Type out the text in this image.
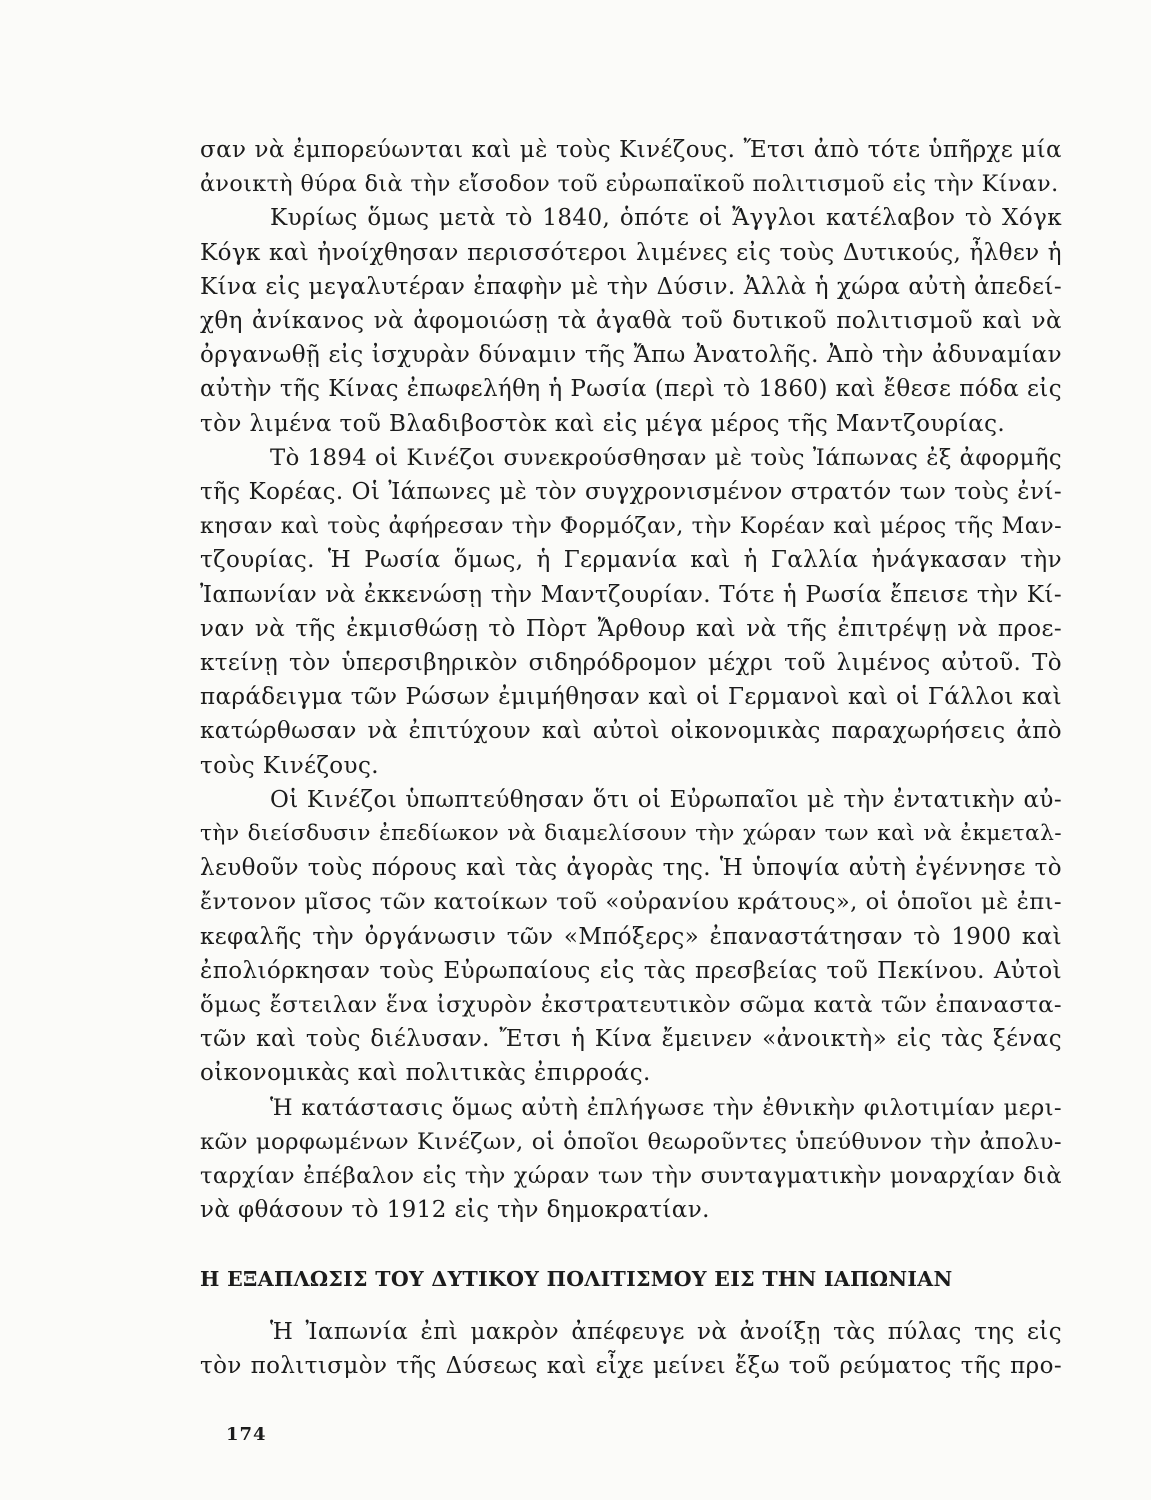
σαν νὰ ἐμπορεύωνται καὶ μὲ τοὺς Κινέζους. Ἔτσι ἀπὸ τότε ὑπῆρχε μία
ἀνοικτὴ θύρα διὰ τὴν εἴσοδον τοῦ εὐρωπαϊκοῦ πολιτισμοῦ εἰς τὴν Κίναν.

Κυρίως ὅμως μετὰ τὸ 1840, ὁπότε οἱ Ἄγγλοι κατέλαβον τὸ Χόγκ
Κόγκ καὶ ἠνοίχθησαν περισσότεροι λιμένες εἰς τοὺς Δυτικούς, ἦλθεν ἡ
Κίνα εἰς μεγαλυτέραν ἐπαφὴν μὲ τὴν Δύσιν. Ἀλλὰ ἡ χώρα αὐτὴ ἀπεδεί-
χθη ἀνίκανος νὰ ἀφομοιώσῃ τὰ ἀγαθὰ τοῦ δυτικοῦ πολιτισμοῦ καὶ νὰ
ὀργανωθῇ εἰς ἰσχυρὰν δύναμιν τῆς Ἄπω Ἀνατολῆς. Ἀπὸ τὴν ἀδυναμίαν
αὐτὴν τῆς Κίνας ἐπωφελήθη ἡ Ρωσία (περὶ τὸ 1860) καὶ ἔθεσε πόδα εἰς
τὸν λιμένα τοῦ Βλαδιβοστὸκ καὶ εἰς μέγα μέρος τῆς Μαντζουρίας.

Τὸ 1894 οἱ Κινέζοι συνεκρούσθησαν μὲ τοὺς Ἰάπωνας ἐξ ἀφορμῆς
τῆς Κορέας. Οἱ Ἰάπωνες μὲ τὸν συγχρονισμένον στρατόν των τοὺς ἐνί-
κησαν καὶ τοὺς ἀφήρεσαν τὴν Φορμόζαν, τὴν Κορέαν καὶ μέρος τῆς Μαν-
τζουρίας. Ἡ Ρωσία ὅμως, ἡ Γερμανία καὶ ἡ Γαλλία ἠνάγκασαν τὴν
Ἰαπωνίαν νὰ ἐκκενώσῃ τὴν Μαντζουρίαν. Τότε ἡ Ρωσία ἔπεισε τὴν Κί-
ναν νὰ τῆς ἐκμισθώσῃ τὸ Πὸρτ Ἄρθουρ καὶ νὰ τῆς ἐπιτρέψῃ νὰ προε-
κτείνῃ τὸν ὑπερσιβηρικὸν σιδηρόδρομον μέχρι τοῦ λιμένος αὐτοῦ. Τὸ
παράδειγμα τῶν Ρώσων ἐμιμήθησαν καὶ οἱ Γερμανοὶ καὶ οἱ Γάλλοι καὶ
κατώρθωσαν νὰ ἐπιτύχουν καὶ αὐτοὶ οἰκονομικὰς παραχωρήσεις ἀπὸ
τοὺς Κινέζους.

Οἱ Κινέζοι ὑπωπτεύθησαν ὅτι οἱ Εὐρωπαῖοι μὲ τὴν ἐντατικὴν αὐ-
τὴν διείσδυσιν ἐπεδίωκον νὰ διαμελίσουν τὴν χώραν των καὶ νὰ ἐκμεταλ-
λευθοῦν τοὺς πόρους καὶ τὰς ἀγορὰς της. Ἡ ὑποψία αὐτὴ ἐγέννησε τὸ
ἔντονον μῖσος τῶν κατοίκων τοῦ «οὐρανίου κράτους», οἱ ὁποῖοι μὲ ἐπι-
κεφαλῆς τὴν ὀργάνωσιν τῶν «Μπόξερς» ἐπαναστάτησαν τὸ 1900 καὶ
ἐπολιόρκησαν τοὺς Εὐρωπαίους εἰς τὰς πρεσβείας τοῦ Πεκίνου. Αὐτοὶ
ὅμως ἔστειλαν ἕνα ἰσχυρὸν ἐκστρατευτικὸν σῶμα κατὰ τῶν ἐπαναστα-
τῶν καὶ τοὺς διέλυσαν. Ἔτσι ἡ Κίνα ἔμεινεν «ἀνοικτὴ» εἰς τὰς ξένας
οἰκονομικὰς καὶ πολιτικὰς ἐπιρροάς.

Ἡ κατάστασις ὅμως αὐτὴ ἐπλήγωσε τὴν ἐθνικὴν φιλοτιμίαν μερι-
κῶν μορφωμένων Κινέζων, οἱ ὁποῖοι θεωροῦντες ὑπεύθυνον τὴν ἀπολυ-
ταρχίαν ἐπέβαλον εἰς τὴν χώραν των τὴν συνταγματικὴν μοναρχίαν διὰ
νὰ φθάσουν τὸ 1912 εἰς τὴν δημοκρατίαν.

Η ΕΞΑΠΛΩΣΙΣ ΤΟΥ ΔΥΤΙΚΟΥ ΠΟΛΙΤΙΣΜΟΥ ΕΙΣ ΤΗΝ ΙΑΠΩΝΙΑΝ

Ἡ Ἰαπωνία ἐπὶ μακρὸν ἀπέφευγε νὰ ἀνοίξῃ τὰς πύλας της εἰς
τὸν πολιτισμὸν τῆς Δύσεως καὶ εἶχε μείνει ἔξω τοῦ ρεύματος τῆς προ-

174
